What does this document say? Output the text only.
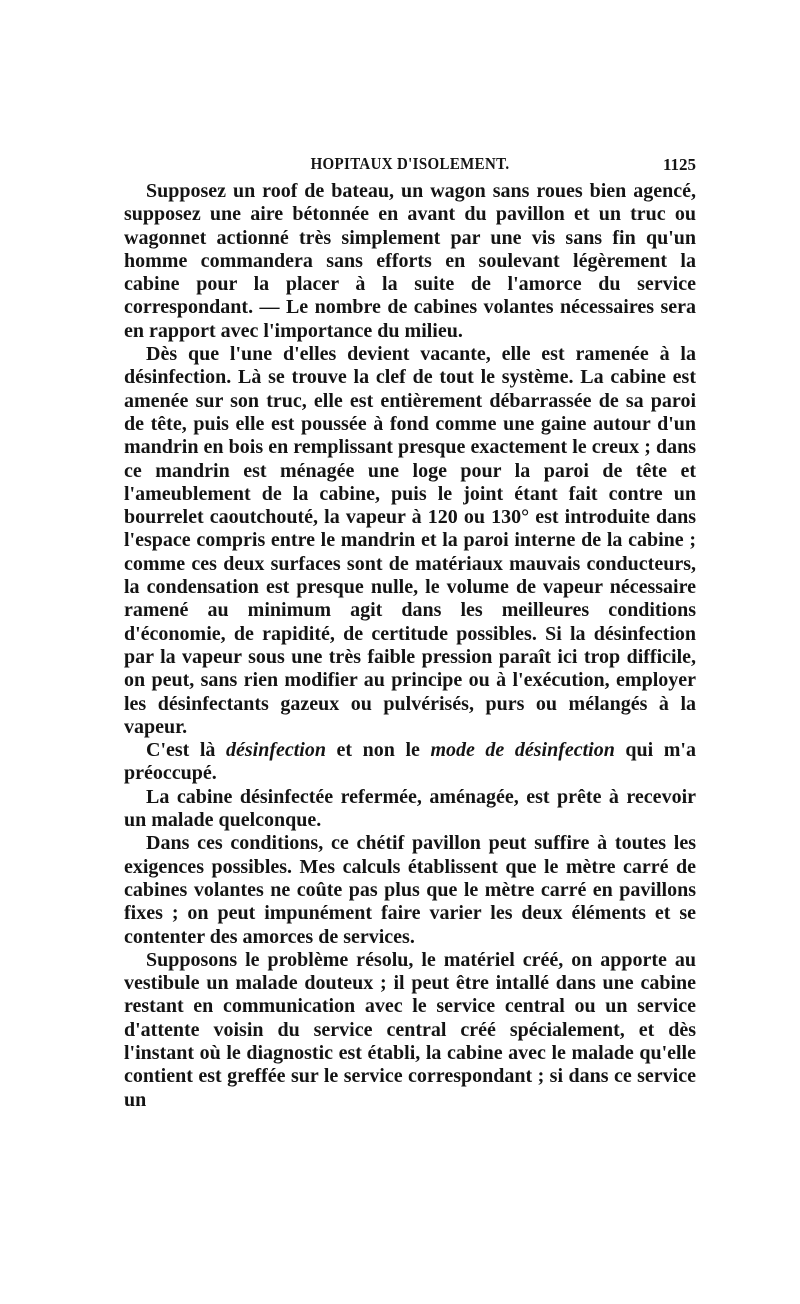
HOPITAUX D'ISOLEMENT.	1125

Supposez un roof de bateau, un wagon sans roues bien agencé, supposez une aire bétonnée en avant du pavillon et un truc ou wagonnet actionné très simplement par une vis sans fin qu'un homme commandera sans efforts en soulevant légèrement la cabine pour la placer à la suite de l'amorce du service correspondant. — Le nombre de cabines volantes nécessaires sera en rapport avec l'importance du milieu.

Dès que l'une d'elles devient vacante, elle est ramenée à la désinfection. Là se trouve la clef de tout le système. La cabine est amenée sur son truc, elle est entièrement débarrassée de sa paroi de tête, puis elle est poussée à fond comme une gaine autour d'un mandrin en bois en remplissant presque exactement le creux ; dans ce mandrin est ménagée une loge pour la paroi de tête et l'ameublement de la cabine, puis le joint étant fait contre un bourrelet caoutchouté, la vapeur à 120 ou 130° est introduite dans l'espace compris entre le mandrin et la paroi interne de la cabine ; comme ces deux surfaces sont de matériaux mauvais conducteurs, la condensation est presque nulle, le volume de vapeur nécessaire ramené au minimum agit dans les meilleures conditions d'économie, de rapidité, de certitude possibles. Si la désinfection par la vapeur sous une très faible pression paraît ici trop difficile, on peut, sans rien modifier au principe ou à l'exécution, employer les désinfectants gazeux ou pulvérisés, purs ou mélangés à la vapeur.

C'est là désinfection et non le mode de désinfection qui m'a préoccupé.

La cabine désinfectée refermée, aménagée, est prête à recevoir un malade quelconque.

Dans ces conditions, ce chétif pavillon peut suffire à toutes les exigences possibles. Mes calculs établissent que le mètre carré de cabines volantes ne coûte pas plus que le mètre carré en pavillons fixes ; on peut impunément faire varier les deux éléments et se contenter des amorces de services.

Supposons le problème résolu, le matériel créé, on apporte au vestibule un malade douteux ; il peut être intallé dans une cabine restant en communication avec le service central ou un service d'attente voisin du service central créé spécialement, et dès l'instant où le diagnostic est établi, la cabine avec le malade qu'elle contient est greffée sur le service correspondant ; si dans ce service un
